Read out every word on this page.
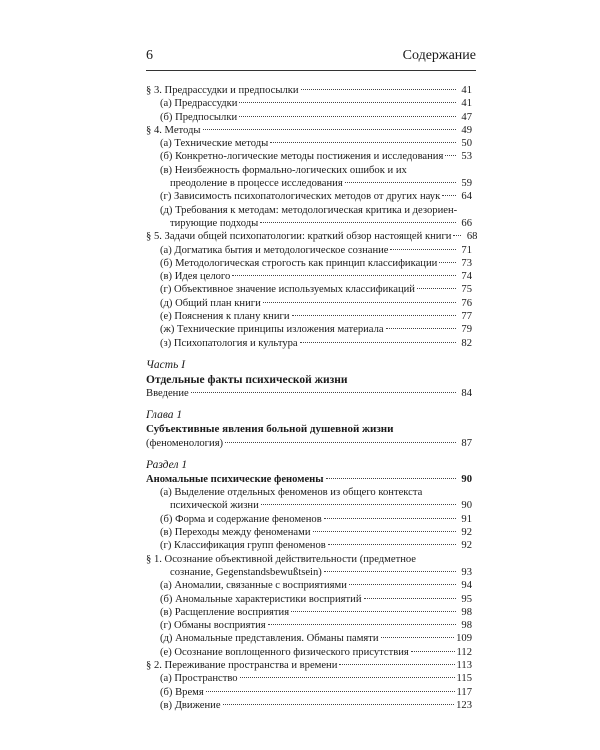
6	Содержание
§ 3. Предрассудки и предпосылки	41
(а) Предрассудки	41
(б) Предпосылки	47
§ 4. Методы	49
(а) Технические методы	50
(б) Конкретно-логические методы постижения и исследования	53
(в) Неизбежность формально-логических ошибок и их
преодоление в процессе исследования	59
(г) Зависимость психопатологических методов от других наук	64
(д) Требования к методам: методологическая критика и дезориен-
тирующие подходы	66
§ 5. Задачи общей психопатологии: краткий обзор настоящей книги	68
(а) Догматика бытия и методологическое сознание	71
(б) Методологическая строгость как принцип классификации	73
(в) Идея целого	74
(г) Объективное значение используемых классификаций	75
(д) Общий план книги	76
(е) Пояснения к плану книги	77
(ж) Технические принципы изложения материала	79
(з) Психопатология и культура	82
Часть I
Отдельные факты психической жизни
Введение	84
Глава 1
Субъективные явления больной душевной жизни
(феноменология)	87
Раздел 1
Аномальные психические феномены	90
(а) Выделение отдельных феноменов из общего контекста
психической жизни	90
(б) Форма и содержание феноменов	91
(в) Переходы между феноменами	92
(г) Классификация групп феноменов	92
§ 1. Осознание объективной действительности (предметное
сознание, Gegenstandsbewußtsein)	93
(а) Аномалии, связанные с восприятиями	94
(б) Аномальные характеристики восприятий	95
(в) Расщепление восприятия	98
(г) Обманы восприятия	98
(д) Аномальные представления. Обманы памяти	109
(е) Осознание воплощенного физического присутствия	112
§ 2. Переживание пространства и времени	113
(а) Пространство	115
(б) Время	117
(в) Движение	123
